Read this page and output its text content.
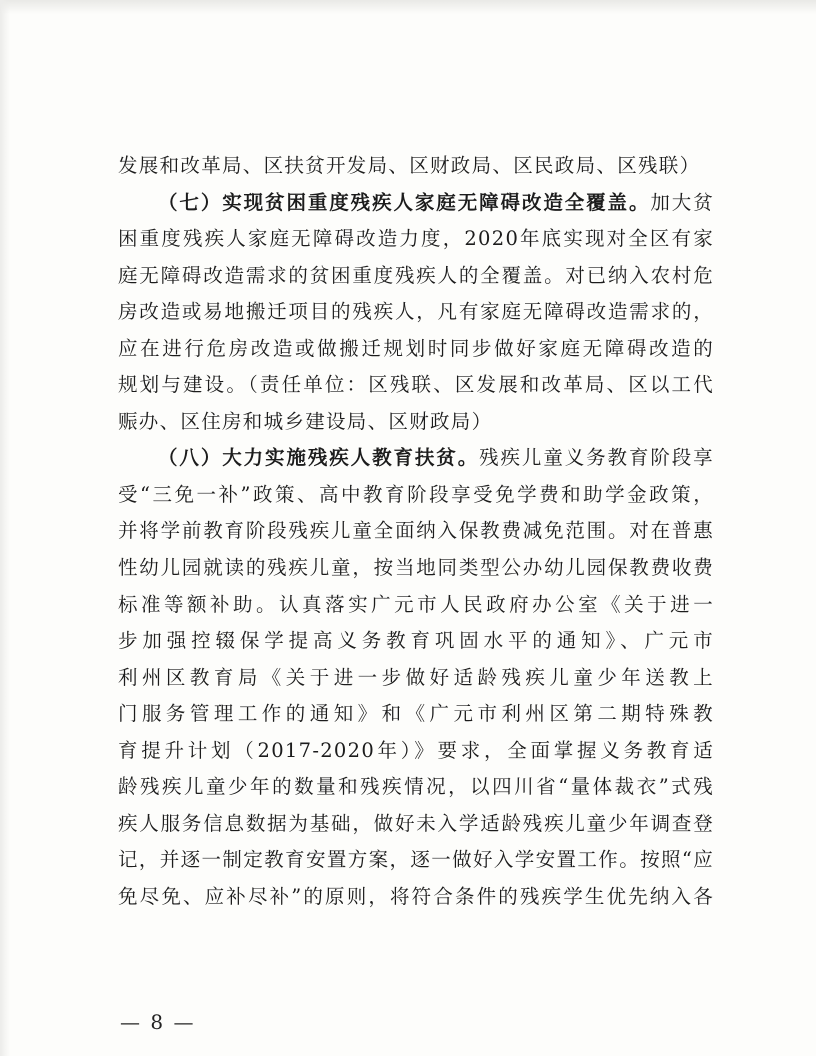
发展和改革局、区扶贫开发局、区财政局、区民政局、区残联）
（七）实现贫困重度残疾人家庭无障碍改造全覆盖。加大贫
困重度残疾人家庭无障碍改造力度，2020年底实现对全区有家
庭无障碍改造需求的贫困重度残疾人的全覆盖。对已纳入农村危
房改造或易地搬迁项目的残疾人，凡有家庭无障碍改造需求的，
应在进行危房改造或做搬迁规划时同步做好家庭无障碍改造的
规划与建设。（责任单位：区残联、区发展和改革局、区以工代
赈办、区住房和城乡建设局、区财政局）
（八）大力实施残疾人教育扶贫。残疾儿童义务教育阶段享
受“三免一补”政策、高中教育阶段享受免学费和助学金政策，
并将学前教育阶段残疾儿童全面纳入保教费减免范围。对在普惠
性幼儿园就读的残疾儿童，按当地同类型公办幼儿园保教费收费
标准等额补助。认真落实广元市人民政府办公室《关于进一
步加强控辍保学提高义务教育巩固水平的通知》、广元市
利州区教育局《关于进一步做好适龄残疾儿童少年送教上
门服务管理工作的通知》和《广元市利州区第二期特殊教
育提升计划（2017-2020年）》要求，全面掌握义务教育适
龄残疾儿童少年的数量和残疾情况，以四川省“量体裁衣”式残
疾人服务信息数据为基础，做好未入学适龄残疾儿童少年调查登
记，并逐一制定教育安置方案，逐一做好入学安置工作。按照“应
免尽免、应补尽补”的原则，将符合条件的残疾学生优先纳入各
— 8 —
